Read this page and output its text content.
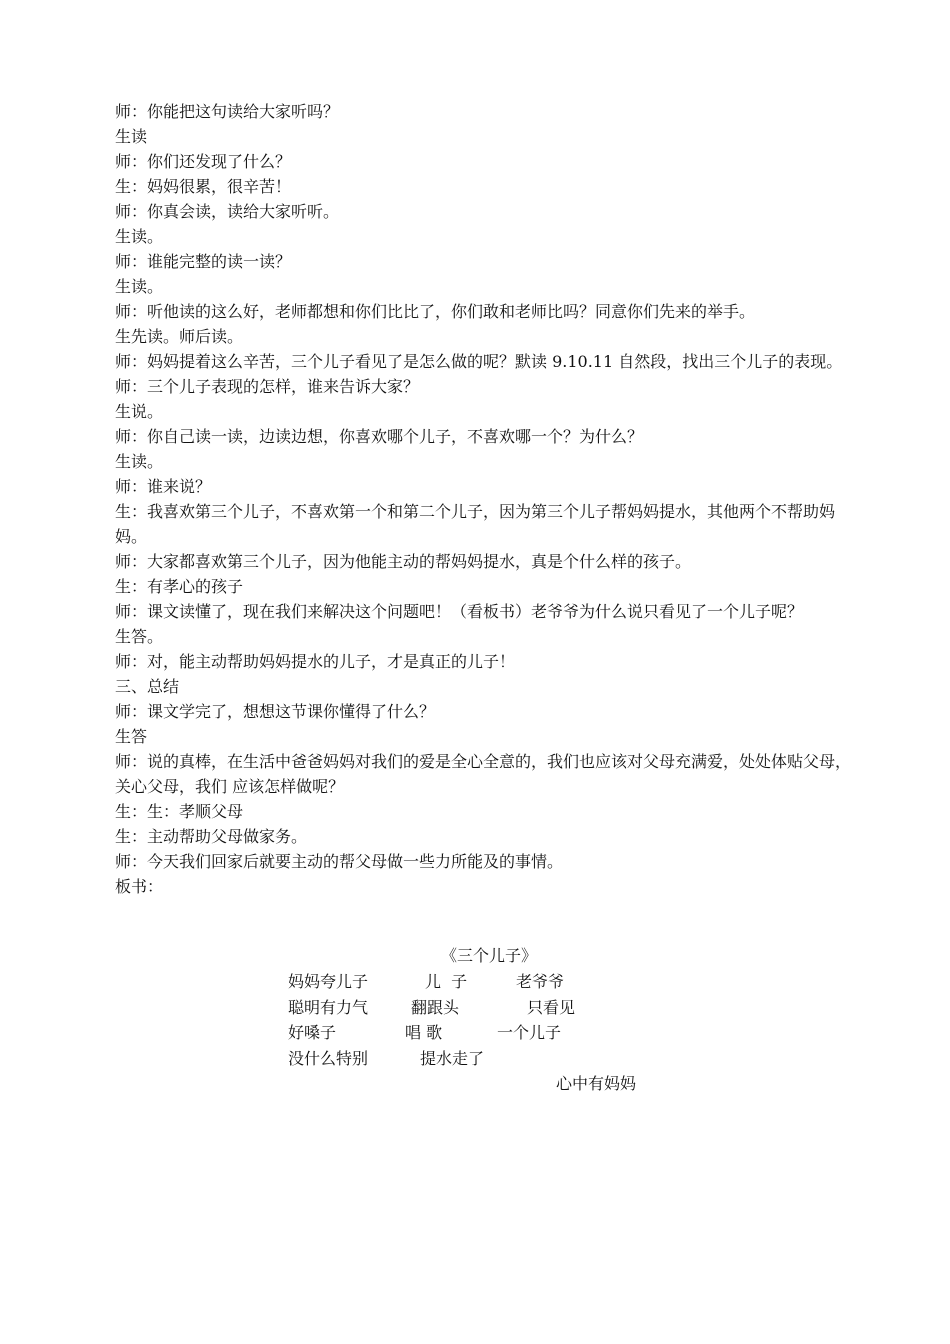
师：你能把这句读给大家听吗？
生读
师：你们还发现了什么？
生：妈妈很累，很辛苦！
师：你真会读，读给大家听听。
生读。
师：谁能完整的读一读？
生读。
师：听他读的这么好，老师都想和你们比比了，你们敢和老师比吗？同意你们先来的举手。
生先读。师后读。
师：妈妈提着这么辛苦，三个儿子看见了是怎么做的呢？默读 9.10.11 自然段，找出三个儿子的表现。
师：三个儿子表现的怎样，谁来告诉大家？
生说。
师：你自己读一读，边读边想，你喜欢哪个儿子，不喜欢哪一个？为什么？
生读。
师：谁来说？
生：我喜欢第三个儿子，不喜欢第一个和第二个儿子，因为第三个儿子帮妈妈提水，其他两个不帮助妈妈。
师：大家都喜欢第三个儿子，因为他能主动的帮妈妈提水，真是个什么样的孩子。
生：有孝心的孩子
师：课文读懂了，现在我们来解决这个问题吧！（看板书）老爷爷为什么说只看见了一个儿子呢？
生答。
师：对，能主动帮助妈妈提水的儿子，才是真正的儿子！
三、总结
师：课文学完了，想想这节课你懂得了什么？
生答
师：说的真棒，在生活中爸爸妈妈对我们的爱是全心全意的，我们也应该对父母充满爱，处处体贴父母，关心父母，我们 应该怎样做呢？
生：生：孝顺父母
生：主动帮助父母做家务。
师：今天我们回家后就要主动的帮父母做一些力所能及的事情。
板书：
《三个儿子》
妈妈夸儿子	儿  子	老爷爷
聪明有力气	翻跟头	只看见
好嗓子	唱 歌	一个儿子
没什么特别	提水走了
心中有妈妈
